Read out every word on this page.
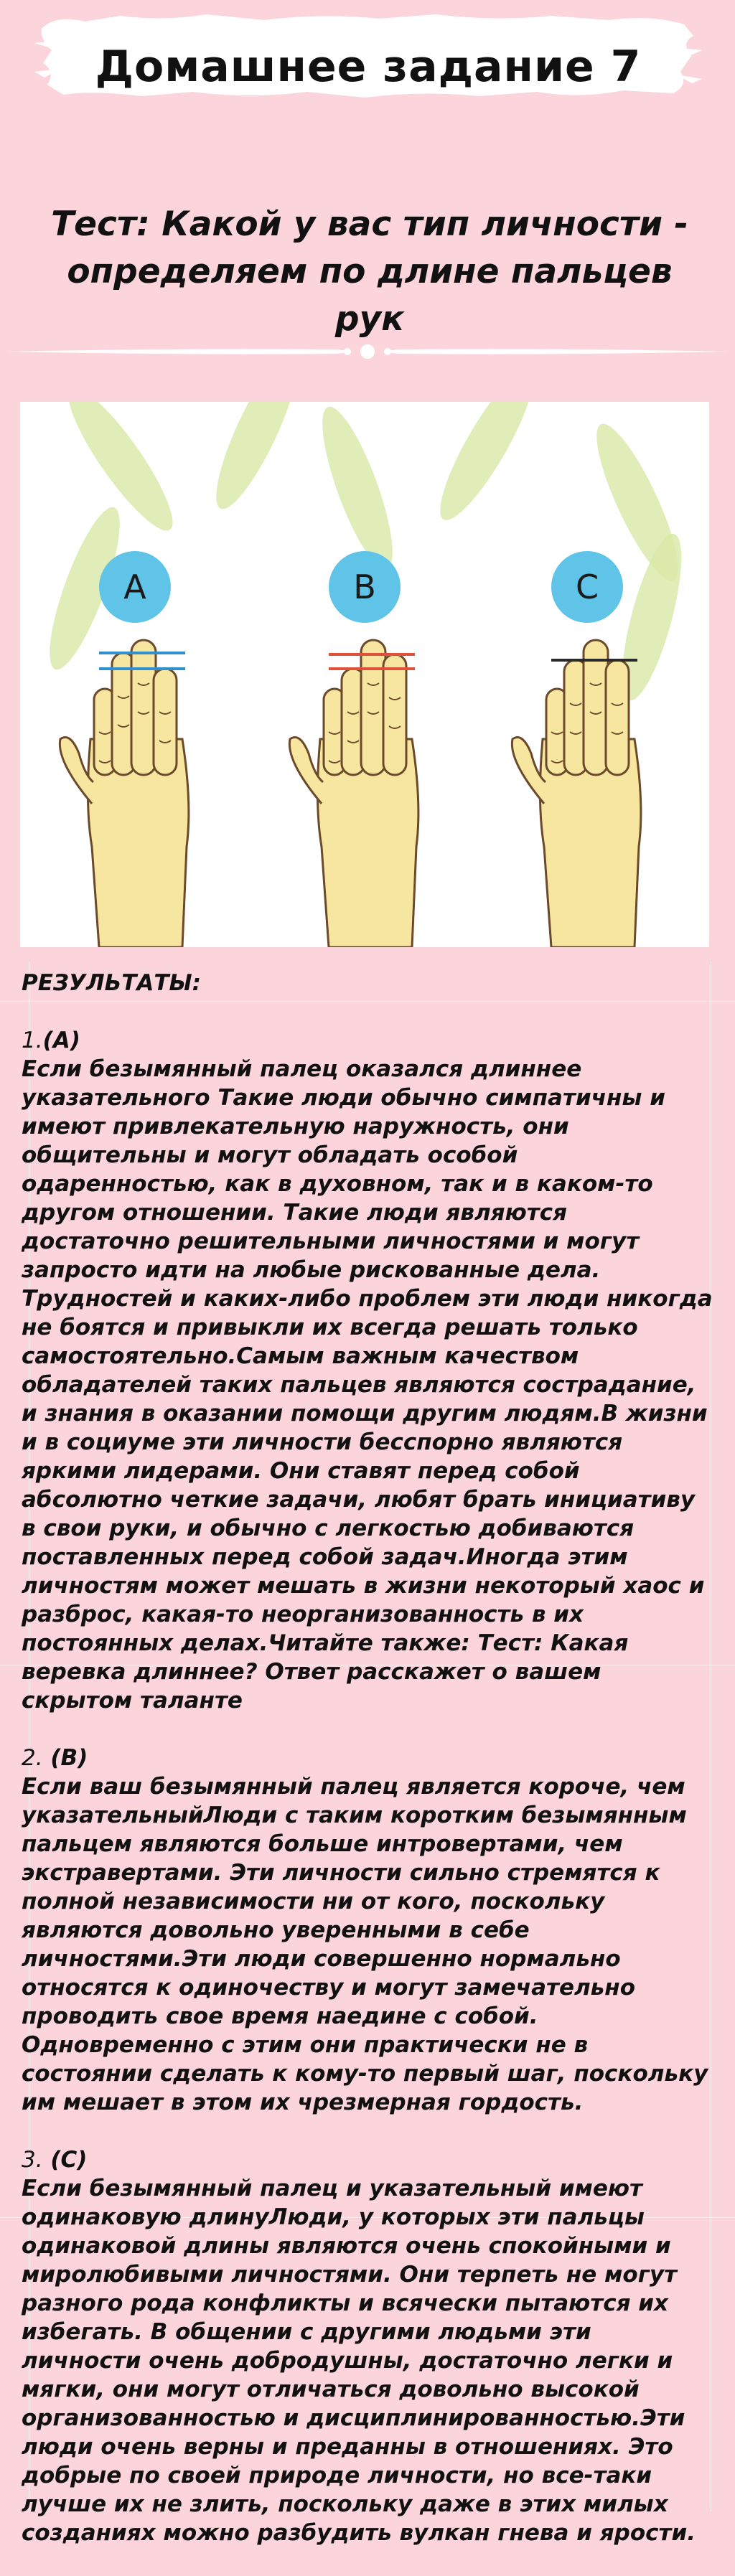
Домашнее задание 7

Тест: Какой у вас тип личности - определяем по длине пальцев рук

A	B	C

РЕЗУЛЬТАТЫ:

1.(А)

Если безымянный палец оказался длиннее указательного Такие люди обычно симпатичны и имеют привлекательную наружность, они общительны и могут обладать особой одаренностью, как в духовном, так и в каком-то другом отношении. Такие люди являются достаточно решительными личностями и могут запросто идти на любые рискованные дела. Трудностей и каких-либо проблем эти люди никогда не боятся и привыкли их всегда решать только самостоятельно.Самым важным качеством обладателей таких пальцев являются сострадание, и знания в оказании помощи другим людям.В жизни и в социуме эти личности бесспорно являются яркими лидерами. Они ставят перед собой абсолютно четкие задачи, любят брать инициативу в свои руки, и обычно с легкостью добиваются поставленных перед собой задач.Иногда этим личностям может мешать в жизни некоторый хаос и разброс, какая-то неорганизованность в их постоянных делах.Читайте также: Тест: Какая веревка длиннее? Ответ расскажет о вашем скрытом таланте

2. (В)

Если ваш безымянный палец является короче, чем указательныйЛюди с таким коротким безымянным пальцем являются больше интровертами, чем экстравертами. Эти личности сильно стремятся к полной независимости ни от кого, поскольку являются довольно уверенными в себе личностями.Эти люди совершенно нормально относятся к одиночеству и могут замечательно проводить свое время наедине с собой. Одновременно с этим они практически не в состоянии сделать к кому-то первый шаг, поскольку им мешает в этом их чрезмерная гордость.

3. (С)

Если безымянный палец и указательный имеют одинаковую длинуЛюди, у которых эти пальцы одинаковой длины являются очень спокойными и миролюбивыми личностями. Они терпеть не могут разного рода конфликты и всячески пытаются их избегать. В общении с другими людьми эти личности очень добродушны, достаточно легки и мягки, они могут отличаться довольно высокой организованностью и дисциплинированностью.Эти люди очень верны и преданны в отношениях. Это добрые по своей природе личности, но все-таки лучше их не злить, поскольку даже в этих милых созданиях можно разбудить вулкан гнева и ярости.
